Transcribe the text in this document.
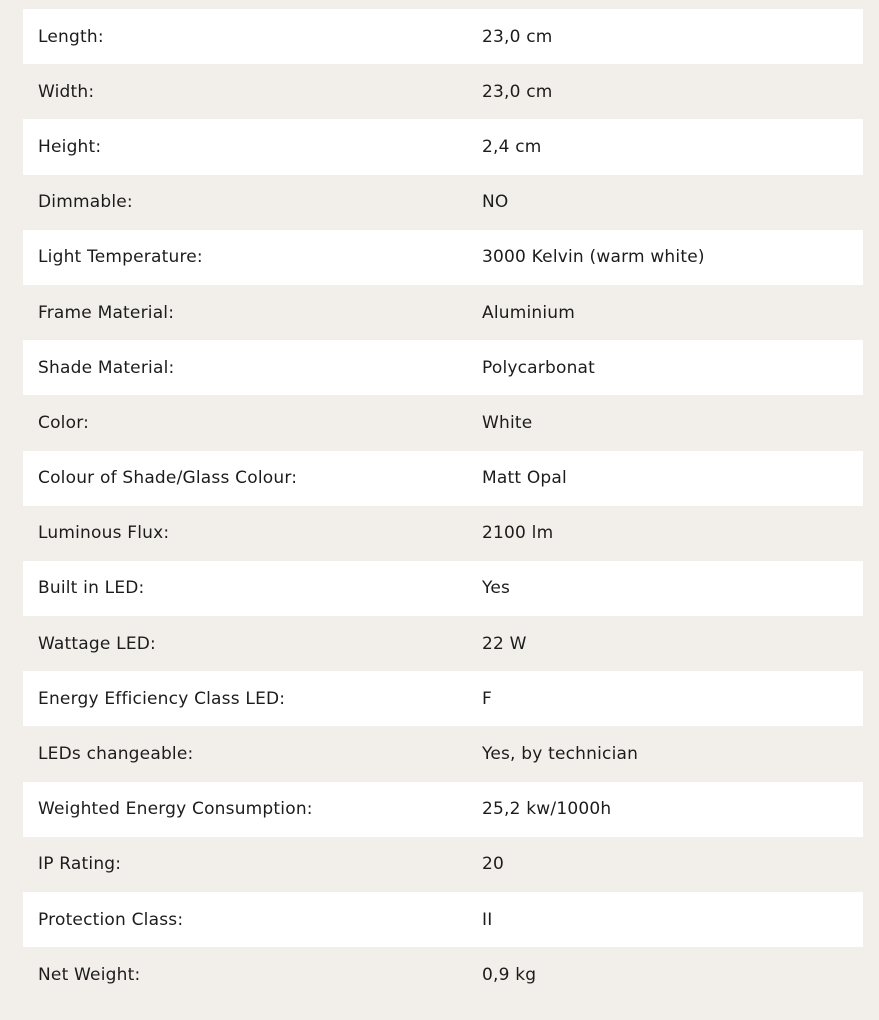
Length:	23,0 cm
Width:	23,0 cm
Height:	2,4 cm
Dimmable:	NO
Light Temperature:	3000 Kelvin (warm white)
Frame Material:	Aluminium
Shade Material:	Polycarbonat
Color:	White
Colour of Shade/Glass Colour:	Matt Opal
Luminous Flux:	2100 lm
Built in LED:	Yes
Wattage LED:	22 W
Energy Efficiency Class LED:	F
LEDs changeable:	Yes, by technician
Weighted Energy Consumption:	25,2 kw/1000h
IP Rating:	20
Protection Class:	II
Net Weight:	0,9 kg
